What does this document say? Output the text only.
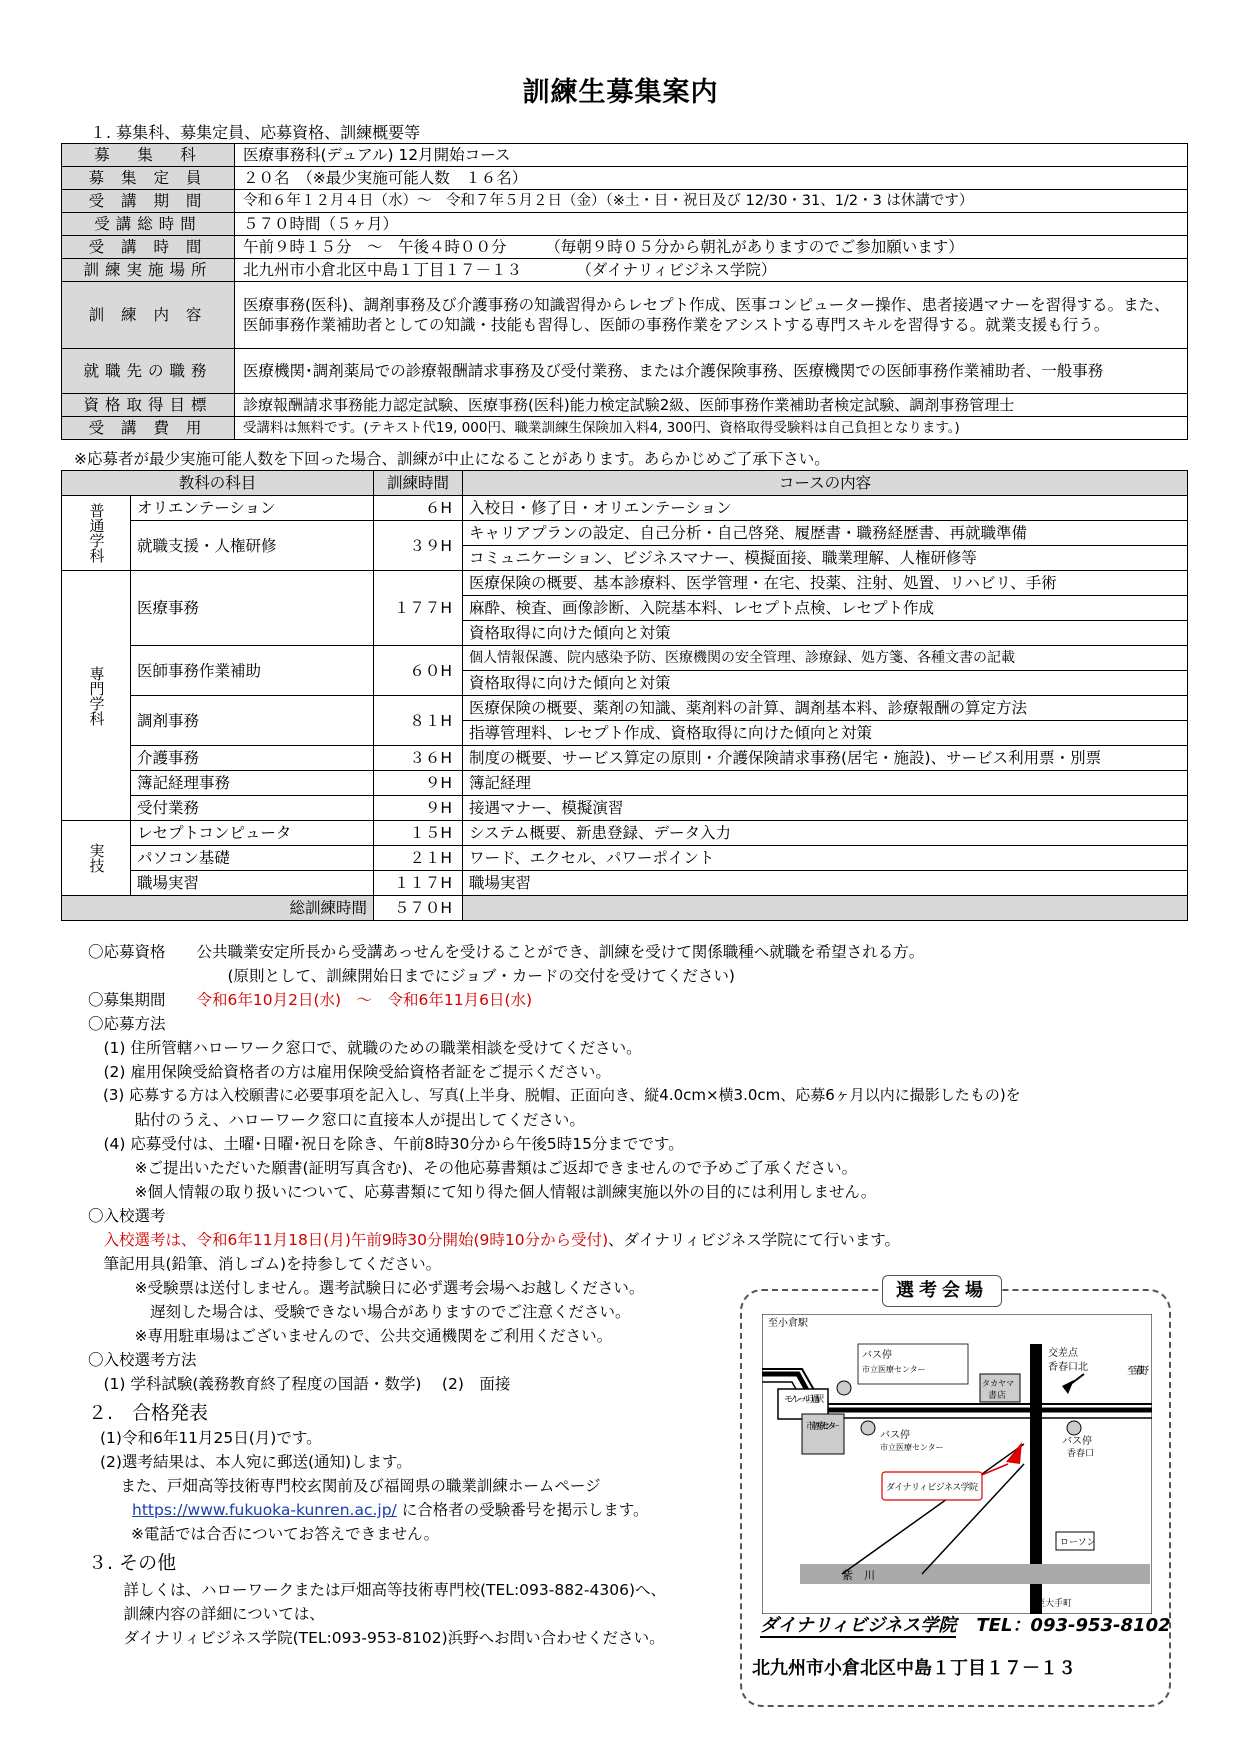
訓練生募集案内
１. 募集科、募集定員、応募資格、訓練概要等
募　集　科	医療事務科(デュアル) 12月開始コース
募 集 定 員	２０名　（※最少実施可能人数　１６名）
受 講 期 間	令和６年１２月４日（水）～　令和７年５月２日（金）（※土・日・祝日及び 12/30・31、1/2・3 は休講です）
受講総時間	５７０時間（５ヶ月）
受 講 時 間	午前９時１５分　～　午後４時００分　　　（毎朝９時０５分から朝礼がありますのでご参加願います）
訓練実施場所	北九州市小倉北区中島１丁目１７－１３　　　　（ダイナリィビジネス学院）
訓 練 内 容	医療事務(医科)、調剤事務及び介護事務の知識習得からレセプト作成、医事コンピューター操作、患者接遇マナーを習得する。また、医師事務作業補助者としての知識・技能も習得し、医師の事務作業をアシストする専門スキルを習得する。就業支援も行う。
就職先の職務	医療機関･調剤薬局での診療報酬請求事務及び受付業務、または介護保険事務、医療機関での医師事務作業補助者、一般事務
資格取得目標	診療報酬請求事務能力認定試験、医療事務(医科)能力検定試験2級、医師事務作業補助者検定試験、調剤事務管理士
受 講 費 用	受講料は無料です。(テキスト代19, 000円、職業訓練生保険加入料4, 300円、資格取得受験料は自己負担となります。)
※応募者が最少実施可能人数を下回った場合、訓練が中止になることがあります。あらかじめご了承下さい。
教科の科目		訓練時間	コースの内容
普通学科	オリエンテーション	６H	入校日・修了日・オリエンテーション
	就職支援・人権研修	３９H	キャリアプランの設定、自己分析・自己啓発、履歴書・職務経歴書、再就職準備
			コミュニケーション、ビジネスマナー、模擬面接、職業理解、人権研修等
専門学科	医療事務	１７７H	医療保険の概要、基本診療料、医学管理・在宅、投薬、注射、処置、リハビリ、手術
			麻酔、検査、画像診断、入院基本料、レセプト点検、レセプト作成
			資格取得に向けた傾向と対策
	医師事務作業補助	６０H	個人情報保護、院内感染予防、医療機関の安全管理、診療録、処方箋、各種文書の記載
			資格取得に向けた傾向と対策
	調剤事務	８１H	医療保険の概要、薬剤の知識、薬剤料の計算、調剤基本料、診療報酬の算定方法
			指導管理料、レセプト作成、資格取得に向けた傾向と対策
	介護事務	３６H	制度の概要、サービス算定の原則・介護保険請求事務(居宅・施設)、サービス利用票・別票
	簿記経理事務	９H	簿記経理
	受付業務	９H	接遇マナー、模擬演習
実技	レセプトコンピュータ	１５H	システム概要、新患登録、データ入力
	パソコン基礎	２１H	ワード、エクセル、パワーポイント
	職場実習	１１７H	職場実習
総訓練時間		５７０H	
〇応募資格　　公共職業安定所長から受講あっせんを受けることができ、訓練を受けて関係職種へ就職を希望される方。
　　　　　　　　　(原則として、訓練開始日までにジョブ・カードの交付を受けてください)
〇募集期間　　令和6年10月2日(水)　～　令和6年11月6日(水)
〇応募方法
　(1) 住所管轄ハローワーク窓口で、就職のための職業相談を受けてください。
　(2) 雇用保険受給資格者の方は雇用保険受給資格者証をご提示ください。
　(3) 応募する方は入校願書に必要事項を記入し、写真(上半身、脱帽、正面向き、縦4.0cm×横3.0cm、応募6ヶ月以内に撮影したもの)を
　　　貼付のうえ、ハローワーク窓口に直接本人が提出してください。
　(4) 応募受付は、土曜･日曜･祝日を除き、午前8時30分から午後5時15分までです。
　　　※ご提出いただいた願書(証明写真含む)、その他応募書類はご返却できませんので予めご了承ください。
　　　※個人情報の取り扱いについて、応募書類にて知り得た個人情報は訓練実施以外の目的には利用しません。
〇入校選考
　入校選考は、令和6年11月18日(月)午前9時30分開始(9時10分から受付)、ダイナリィビジネス学院にて行います。
　筆記用具(鉛筆、消しゴム)を持参してください。
　　　※受験票は送付しません。選考試験日に必ず選考会場へお越しください。
　　　　遅刻した場合は、受験できない場合がありますのでご注意ください。
　　　※専用駐車場はございませんので、公共交通機関をご利用ください。
〇入校選考方法
　(1) 学科試験(義務教育終了程度の国語・数学)　 (2)　面接
２.　合格発表
(1)令和6年11月25日(月)です。
(2)選考結果は、本人宛に郵送(通知)します。
　 また、戸畑高等技術専門校玄関前及び福岡県の職業訓練ホームページ
https://www.fukuoka-kunren.ac.jp/ に合格者の受験番号を掲示します。
　　※電話では合否についてお答えできません。
３. その他
　詳しくは、ハローワークまたは戸畑高等技術専門校(TEL:093-882-4306)へ、
　訓練内容の詳細については、
　ダイナリィビジネス学院(TEL:093-953-8102)浜野へお問い合わせください。
選考会場
紫　川
モノレール旦過駅
至小倉駅
バス停
市立医療センター
バス停
市立医療センター
バス停
香春口
市立医療センター
タカヤマ
書店
交差点
香春口北	至三萩野
ダイナリィビジネス学院
ローソン
至大手町
ダイナリィビジネス学院 TEL：093-953-8102
北九州市小倉北区中島１丁目１７－１３
